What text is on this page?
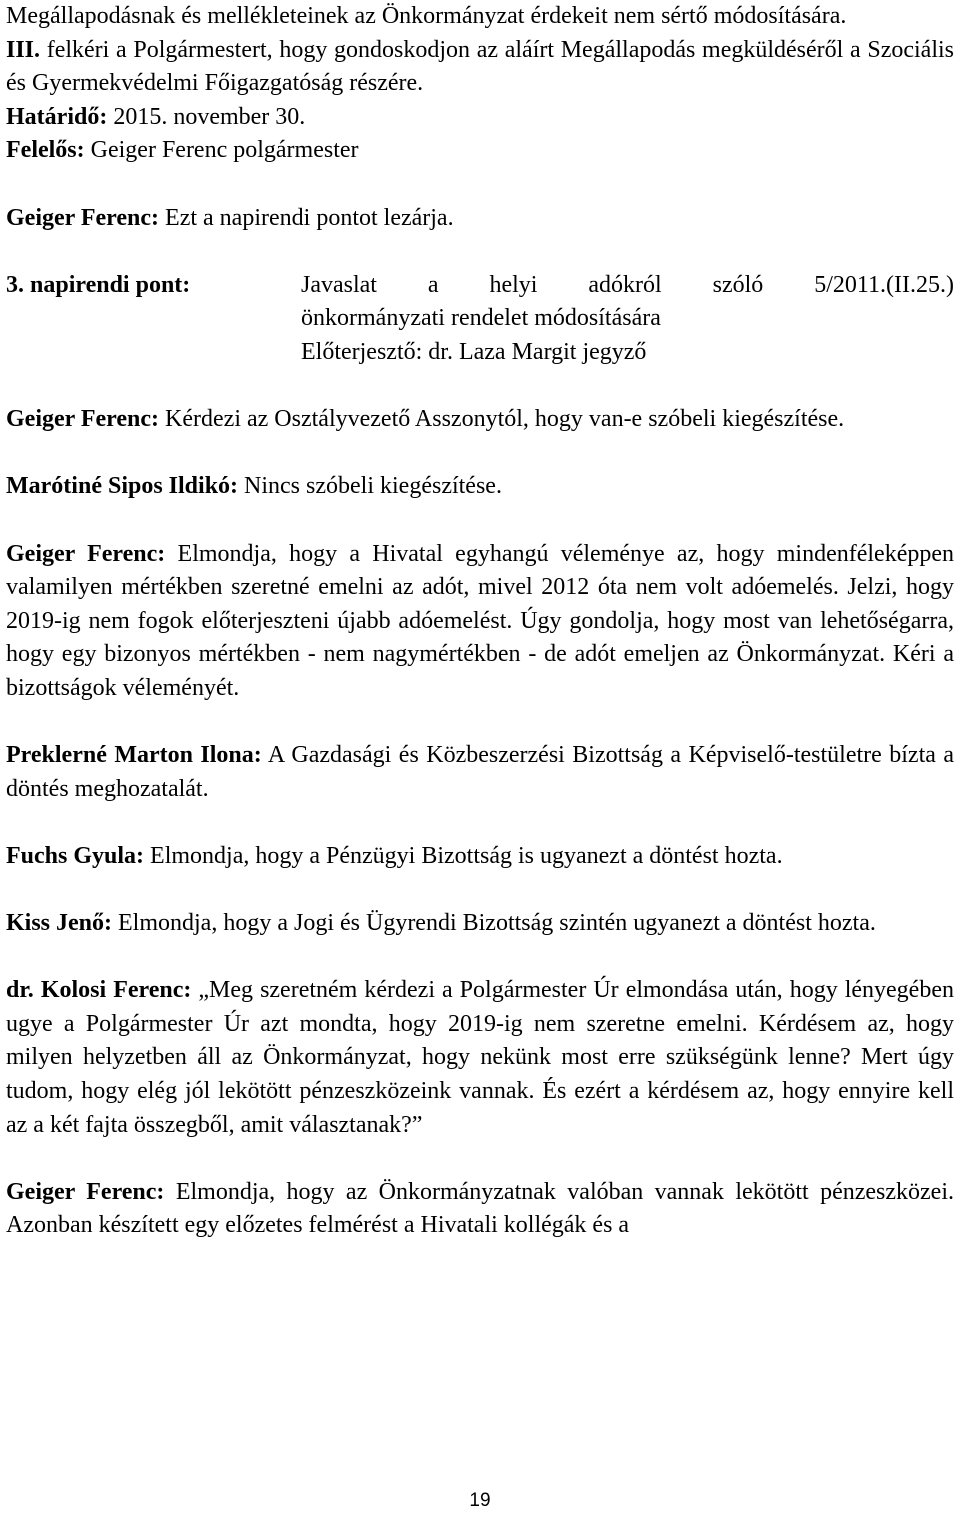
Megállapodásnak és mellékleteinek az Önkormányzat érdekeit nem sértő módosítására.

III. felkéri a Polgármestert, hogy gondoskodjon az aláírt Megállapodás megküldéséről a Szociális és Gyermekvédelmi Főigazgatóság részére.

Határidő: 2015. november 30.

Felelős: Geiger Ferenc polgármester

Geiger Ferenc: Ezt a napirendi pontot lezárja.

3. napirendi pont:	Javaslat a helyi adókról szóló 5/2011.(II.25.)

önkormányzati rendelet módosítására

Előterjesztő: dr. Laza Margit jegyző

Geiger Ferenc: Kérdezi az Osztályvezető Asszonytól, hogy van-e szóbeli kiegészítése.

Marótiné Sipos Ildikó: Nincs szóbeli kiegészítése.

Geiger Ferenc: Elmondja, hogy a Hivatal egyhangú véleménye az, hogy mindenféleképpen valamilyen mértékben szeretné emelni az adót, mivel 2012 óta nem volt adóemelés. Jelzi, hogy 2019-ig nem fogok előterjeszteni újabb adóemelést. Úgy gondolja, hogy most van lehetőségarra, hogy egy bizonyos mértékben - nem nagymértékben - de adót emeljen az Önkormányzat. Kéri a bizottságok véleményét.

Preklerné Marton Ilona: A Gazdasági és Közbeszerzési Bizottság a Képviselő-testületre bízta a döntés meghozatalát.

Fuchs Gyula: Elmondja, hogy a Pénzügyi Bizottság is ugyanezt a döntést hozta.

Kiss Jenő: Elmondja, hogy a Jogi és Ügyrendi Bizottság szintén ugyanezt a döntést hozta.

dr. Kolosi Ferenc: „Meg szeretném kérdezi a Polgármester Úr elmondása után, hogy lényegében ugye a Polgármester Úr azt mondta, hogy 2019-ig nem szeretne emelni. Kérdésem az, hogy milyen helyzetben áll az Önkormányzat, hogy nekünk most erre szükségünk lenne? Mert úgy tudom, hogy elég jól lekötött pénzeszközeink vannak. És ezért a kérdésem az, hogy ennyire kell az a két fajta összegből, amit választanak?”

Geiger Ferenc: Elmondja, hogy az Önkormányzatnak valóban vannak lekötött pénzeszközei. Azonban készített egy előzetes felmérést a Hivatali kollégák és a

19
